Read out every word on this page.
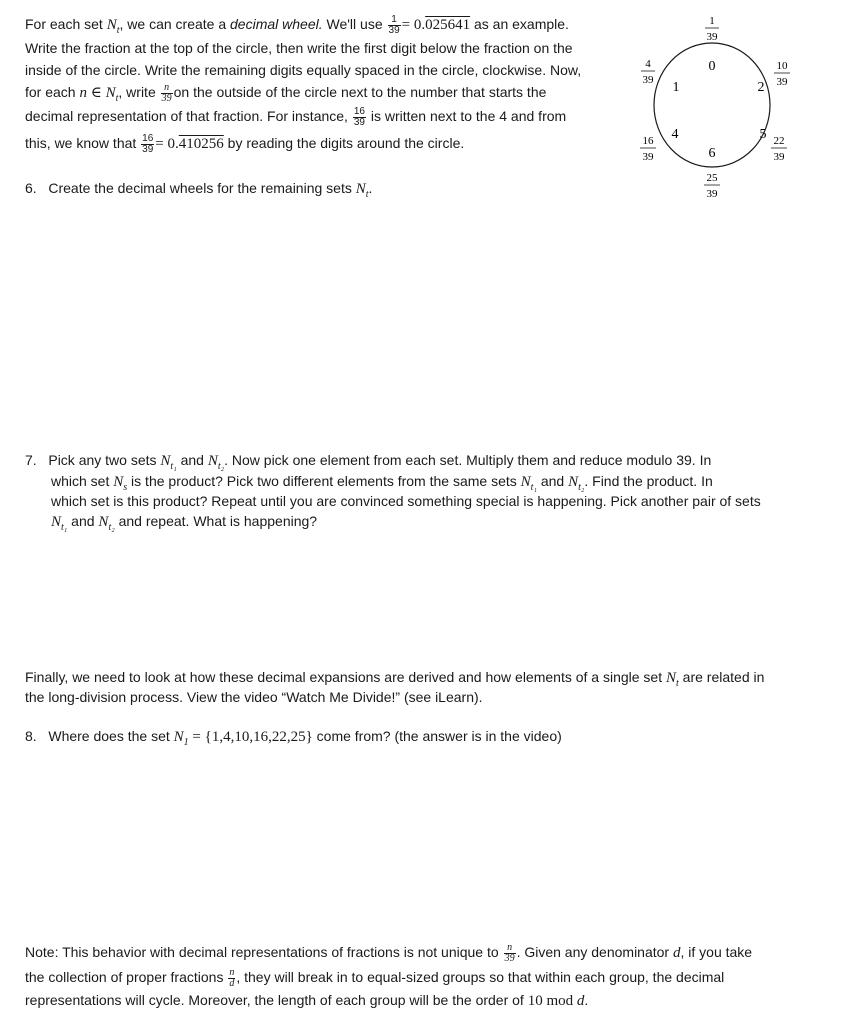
For each set $N_t$, we can create a decimal wheel. We'll use $\frac{1}{39} = 0.025641$ as an example.

Write the fraction at the top of the circle, then write the first digit below the fraction on the

inside of the circle. Write the remaining digits equally spaced in the circle, clockwise. Now,

for each n ∈ $N_t$, write $\frac{n}{39}$ on the outside of the circle next to the number that starts the

decimal representation of that fraction. For instance, $\frac{16}{39}$ is written next to the 4 and from

this, we know that $\frac{16}{39} = 0.410256$ by reading the digits around the circle.

6. Create the decimal wheels for the remaining sets $N_t$.

1
39
10
39
22
39
25
39
16
39
4
39
0
2
5
6
4
1

7. Pick any two sets $N_{t_1}$ and $N_{t_2}$. Now pick one element from each set. Multiply them and reduce modulo 39. In

which set $N_s$ is the product? Pick two different elements from the same sets $N_{t_1}$ and $N_{t_2}$. Find the product. In

which set is this product? Repeat until you are convinced something special is happening. Pick another pair of sets

$N_{t_1}$ and $N_{t_2}$ and repeat. What is happening?

Finally, we need to look at how these decimal expansions are derived and how elements of a single set $N_t$ are related in

the long-division process. View the video “Watch Me Divide!” (see iLearn).

8. Where does the set $N_1 = \{1,4,10,16,22,25\}$ come from? (the answer is in the video)

Note: This behavior with decimal representations of fractions is not unique to $\frac{n}{39}$ . Given any denominator d, if you take

the collection of proper fractions $\frac{n}{d}$ , they will break in to equal-sized groups so that within each group, the decimal

representations will cycle. Moreover, the length of each group will be the order of 10 mod d.
